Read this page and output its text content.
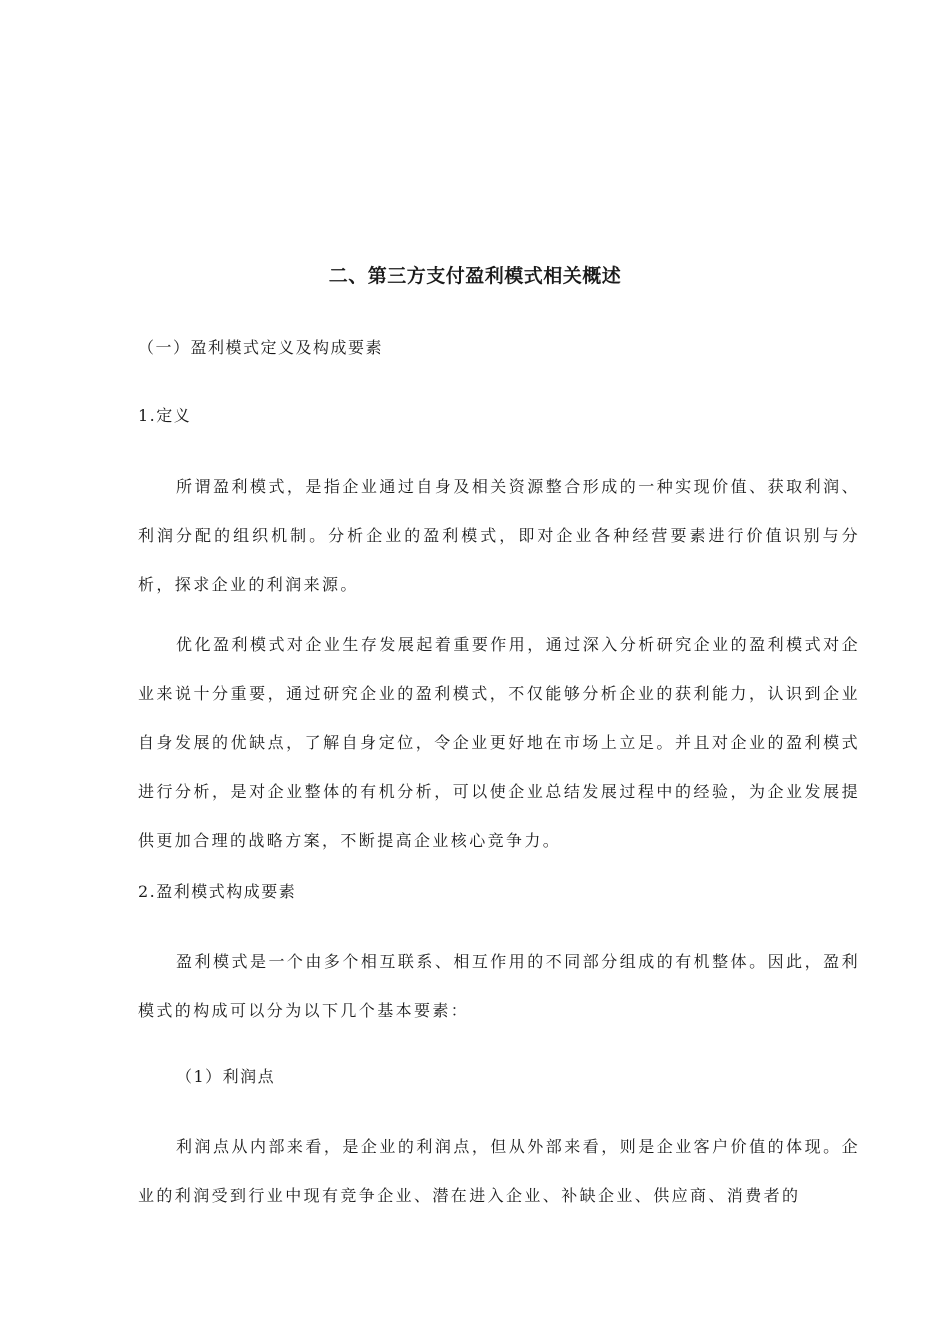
二、第三方支付盈利模式相关概述

（一）盈利模式定义及构成要素

1.定义

所谓盈利模式，是指企业通过自身及相关资源整合形成的一种实现价值、获取利润、利润分配的组织机制。分析企业的盈利模式，即对企业各种经营要素进行价值识别与分析，探求企业的利润来源。

优化盈利模式对企业生存发展起着重要作用，通过深入分析研究企业的盈利模式对企业来说十分重要，通过研究企业的盈利模式，不仅能够分析企业的获利能力，认识到企业自身发展的优缺点，了解自身定位，令企业更好地在市场上立足。并且对企业的盈利模式进行分析，是对企业整体的有机分析，可以使企业总结发展过程中的经验，为企业发展提供更加合理的战略方案，不断提高企业核心竞争力。

2.盈利模式构成要素

盈利模式是一个由多个相互联系、相互作用的不同部分组成的有机整体。因此，盈利模式的构成可以分为以下几个基本要素：

（1）利润点

利润点从内部来看，是企业的利润点，但从外部来看，则是企业客户价值的体现。企业的利润受到行业中现有竞争企业、潜在进入企业、补缺企业、供应商、消费者的
